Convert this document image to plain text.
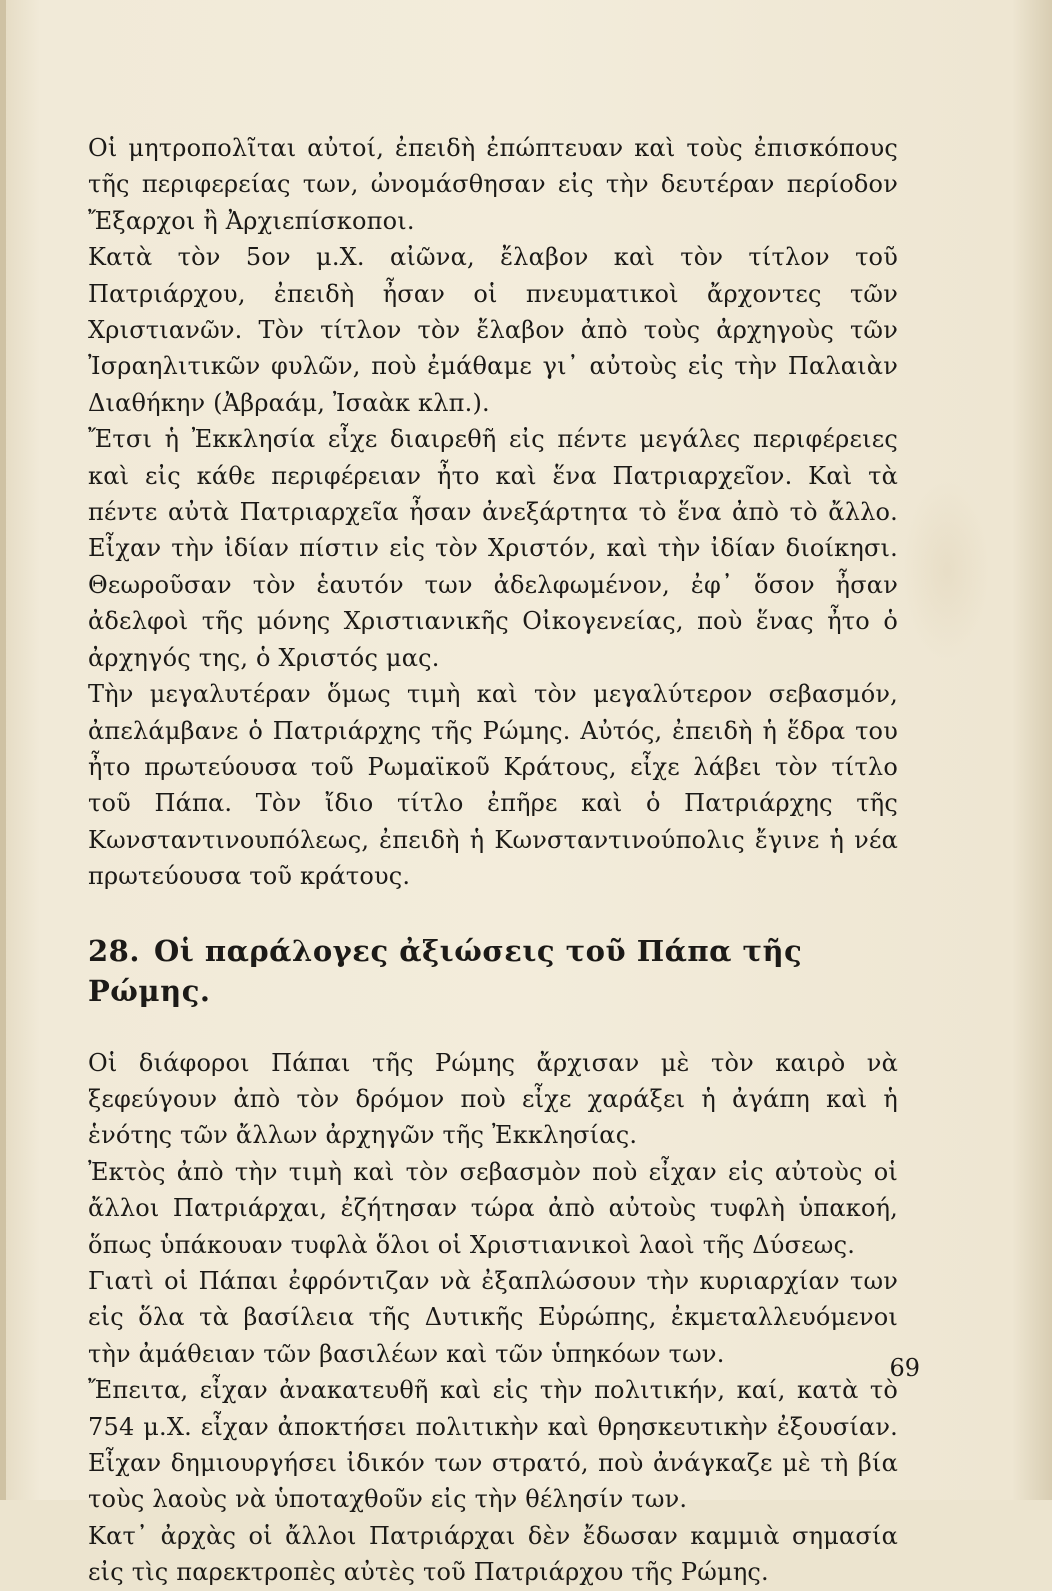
Οἱ μητροπολῖται αὐτοί, ἐπειδὴ ἐπώπτευαν καὶ τοὺς ἐπισκόπους τῆς περιφερείας των, ὠνομάσθησαν εἰς τὴν δευτέραν περίοδον Ἔξαρχοι ἢ Ἀρχιεπίσκοποι.

Κατὰ τὸν 5ον μ.Χ. αἰῶνα, ἔλαβον καὶ τὸν τίτλον τοῦ Πατριάρχου, ἐπειδὴ ἦσαν οἱ πνευματικοὶ ἄρχοντες τῶν Χριστιανῶν. Τὸν τίτλον τὸν ἔλαβον ἀπὸ τοὺς ἀρχηγοὺς τῶν Ἰσραηλιτικῶν φυλῶν, ποὺ ἐμάθαμε γι᾽ αὐτοὺς εἰς τὴν Παλαιὰν Διαθήκην (Ἀβραάμ, Ἰσαὰκ κλπ.).

Ἔτσι ἡ Ἐκκλησία εἶχε διαιρεθῆ εἰς πέντε μεγάλες περιφέρειες καὶ εἰς κάθε περιφέρειαν ἦτο καὶ ἕνα Πατριαρχεῖον. Καὶ τὰ πέντε αὐτὰ Πατριαρχεῖα ἦσαν ἀνεξάρτητα τὸ ἕνα ἀπὸ τὸ ἄλλο. Εἶχαν τὴν ἰδίαν πίστιν εἰς τὸν Χριστόν, καὶ τὴν ἰδίαν διοίκησι. Θεωροῦσαν τὸν ἑαυτόν των ἀδελφωμένον, ἐφ᾽ ὅσον ἦσαν ἀδελφοὶ τῆς μόνης Χριστιανικῆς Οἰκογενείας, ποὺ ἕνας ἦτο ὁ ἀρχηγός της, ὁ Χριστός μας.

Τὴν μεγαλυτέραν ὅμως τιμὴ καὶ τὸν μεγαλύτερον σεβασμόν, ἀπελάμβανε ὁ Πατριάρχης τῆς Ρώμης. Αὐτός, ἐπειδὴ ἡ ἕδρα του ἦτο πρωτεύουσα τοῦ Ρωμαϊκοῦ Κράτους, εἶχε λάβει τὸν τίτλο τοῦ Πάπα. Τὸν ἴδιο τίτλο ἐπῆρε καὶ ὁ Πατριάρχης τῆς Κωνσταντινουπόλεως, ἐπειδὴ ἡ Κωνσταντινούπολις ἔγινε ἡ νέα πρωτεύουσα τοῦ κράτους.

28. Οἱ παράλογες ἀξιώσεις τοῦ Πάπα τῆς Ρώμης.

Οἱ διάφοροι Πάπαι τῆς Ρώμης ἄρχισαν μὲ τὸν καιρὸ νὰ ξεφεύγουν ἀπὸ τὸν δρόμον ποὺ εἶχε χαράξει ἡ ἀγάπη καὶ ἡ ἑνότης τῶν ἄλλων ἀρχηγῶν τῆς Ἐκκλησίας.

Ἐκτὸς ἀπὸ τὴν τιμὴ καὶ τὸν σεβασμὸν ποὺ εἶχαν εἰς αὐτοὺς οἱ ἄλλοι Πατριάρχαι, ἐζήτησαν τώρα ἀπὸ αὐτοὺς τυφλὴ ὑπακοή, ὅπως ὑπάκουαν τυφλὰ ὅλοι οἱ Χριστιανικοὶ λαοὶ τῆς Δύσεως.

Γιατὶ οἱ Πάπαι ἐφρόντιζαν νὰ ἐξαπλώσουν τὴν κυριαρχίαν των εἰς ὅλα τὰ βασίλεια τῆς Δυτικῆς Εὐρώπης, ἐκμεταλλευόμενοι τὴν ἀμάθειαν τῶν βασιλέων καὶ τῶν ὑπηκόων των.

Ἔπειτα, εἶχαν ἀνακατευθῆ καὶ εἰς τὴν πολιτικήν, καί, κατὰ τὸ 754 μ.Χ. εἶχαν ἀποκτήσει πολιτικὴν καὶ θρησκευτικὴν ἐξουσίαν. Εἶχαν δημιουργήσει ἰδικόν των στρατό, ποὺ ἀνάγκαζε μὲ τὴ βία τοὺς λαοὺς νὰ ὑποταχθοῦν εἰς τὴν θέλησίν των.

Κατ᾽ ἀρχὰς οἱ ἄλλοι Πατριάρχαι δὲν ἔδωσαν καμμιὰ σημασία εἰς τὶς παρεκτροπὲς αὐτὲς τοῦ Πατριάρχου τῆς Ρώμης.

69
